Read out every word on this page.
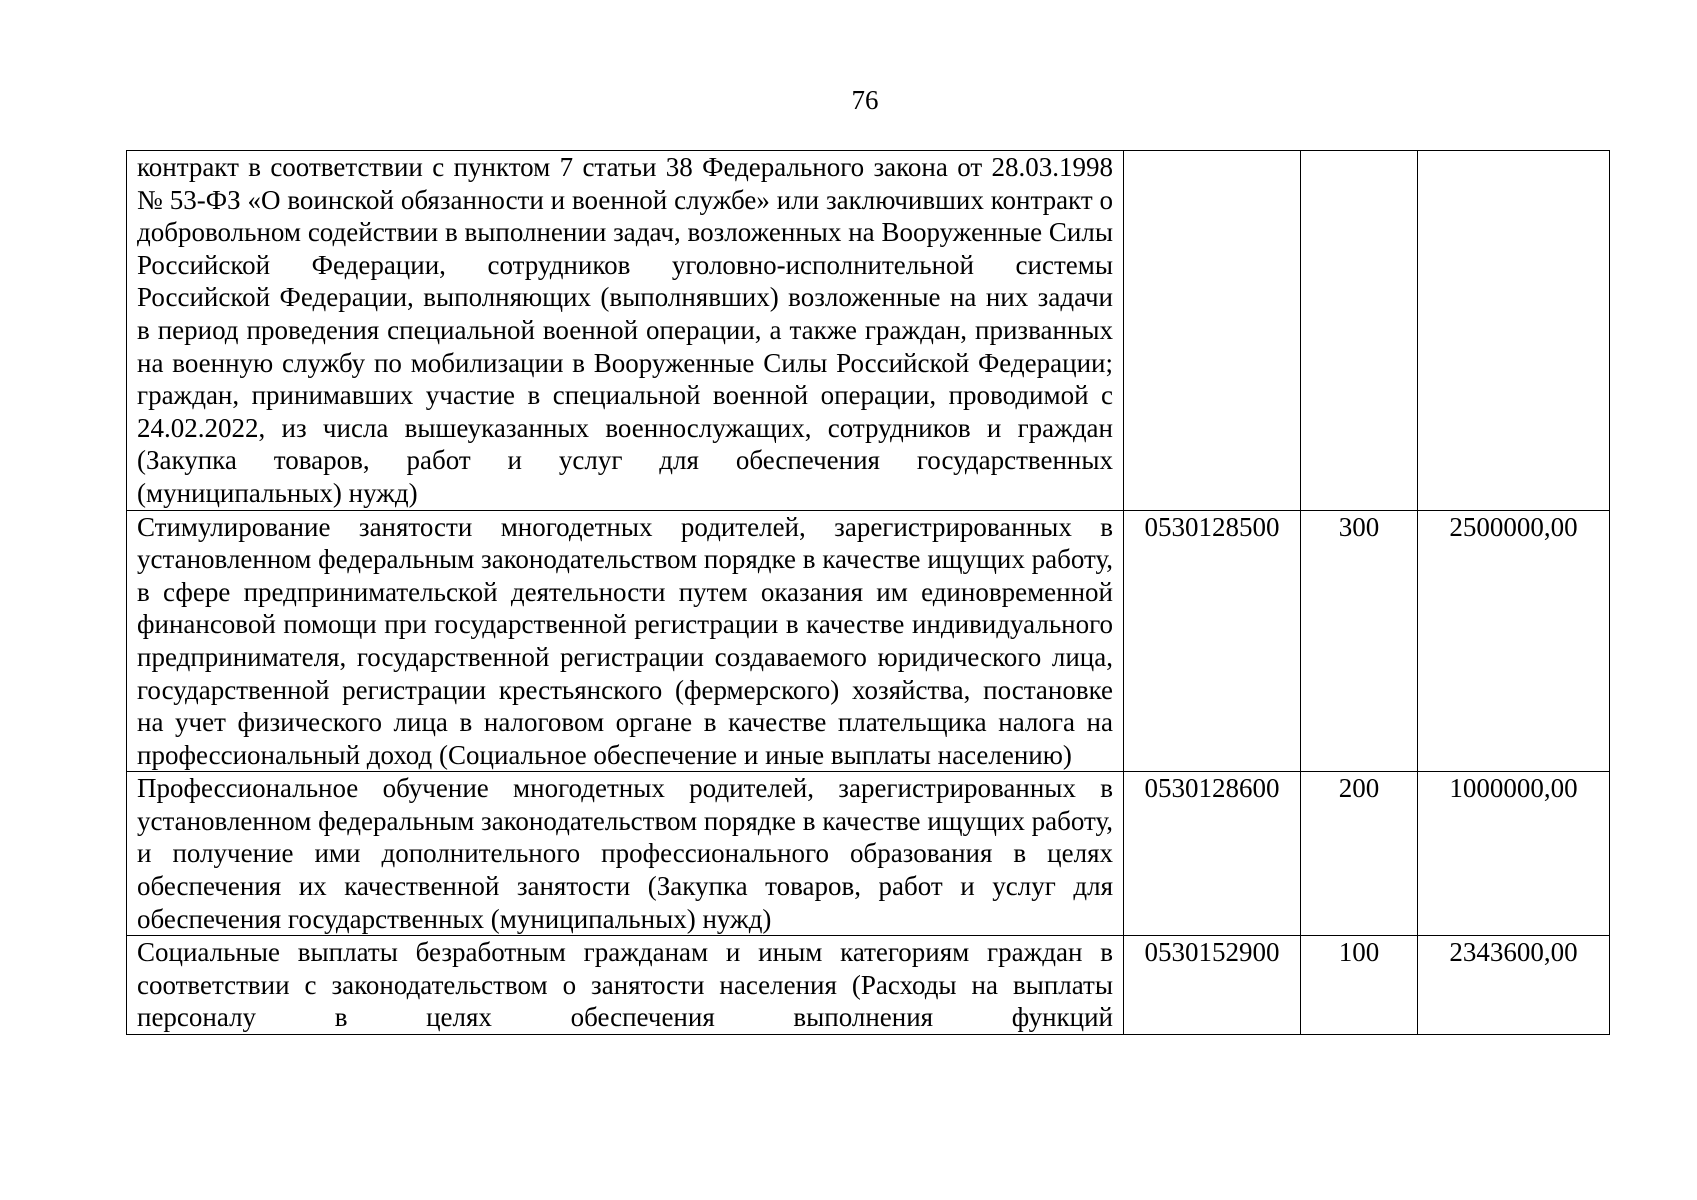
76
контракт в соответствии с пунктом 7 статьи 38 Федерального закона от 28.03.1998 № 53-ФЗ «О воинской обязанности и военной службе» или заключивших контракт о добровольном содействии в выполнении задач, возложенных на Вооруженные Силы Российской Федерации, сотрудников уголовно-исполнительной системы Российской Федерации, выполняющих (выполнявших) возложенные на них задачи в период проведения специальной военной операции, а также граждан, призванных на военную службу по мобилизации в Вооруженные Силы Российской Федерации; граждан, принимавших участие в специальной военной операции, проводимой с 24.02.2022, из числа вышеуказанных военнослужащих, сотрудников и граждан (Закупка товаров, работ и услуг для обеспечения государственных (муниципальных) нужд)			
Стимулирование занятости многодетных родителей, зарегистрированных в установленном федеральным законодательством порядке в качестве ищущих работу, в сфере предпринимательской деятельности путем оказания им единовременной финансовой помощи при государственной регистрации в качестве индивидуального предпринимателя, государственной регистрации создаваемого юридического лица, государственной регистрации крестьянского (фермерского) хозяйства, постановке на учет физического лица в налоговом органе в качестве плательщика налога на профессиональный доход (Социальное обеспечение и иные выплаты населению)	0530128500	300	2500000,00
Профессиональное обучение многодетных родителей, зарегистрированных в установленном федеральным законодательством порядке в качестве ищущих работу, и получение ими дополнительного профессионального образования в целях обеспечения их качественной занятости (Закупка товаров, работ и услуг для обеспечения государственных (муниципальных) нужд)	0530128600	200	1000000,00
Социальные выплаты безработным гражданам и иным категориям граждан в соответствии с законодательством о занятости населения (Расходы на выплаты персоналу в целях обеспечения выполнения функций	0530152900	100	2343600,00
